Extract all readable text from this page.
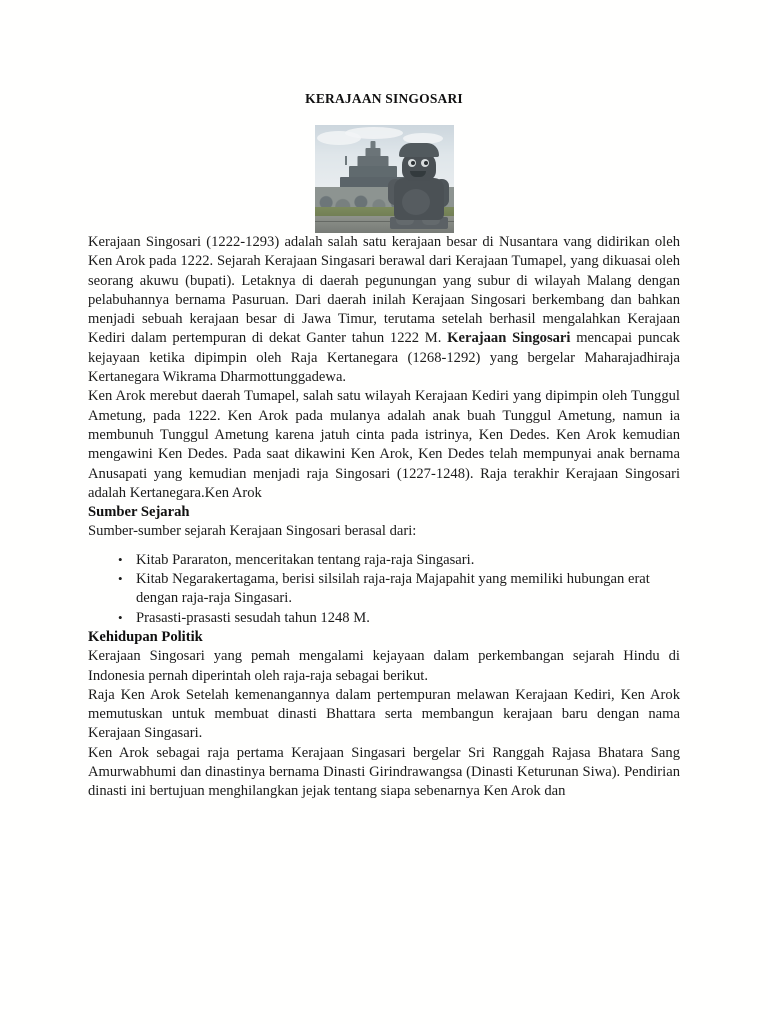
KERAJAAN SINGOSARI

Kerajaan Singosari (1222-1293) adalah salah satu kerajaan besar di Nusantara vang didirikan oleh Ken Arok pada 1222. Sejarah Kerajaan Singasari berawal dari Kerajaan Tumapel, yang dikuasai oleh seorang akuwu (bupati). Letaknya di daerah pegunungan yang subur di wilayah Malang dengan pelabuhannya bernama Pasuruan. Dari daerah inilah Kerajaan Singosari berkembang dan bahkan menjadi sebuah kerajaan besar di Jawa Timur, terutama setelah berhasil mengalahkan Kerajaan Kediri dalam pertempuran di dekat Ganter tahun 1222 M. Kerajaan Singosari mencapai puncak kejayaan ketika dipimpin oleh Raja Kertanegara (1268-1292) yang bergelar Maharajadhiraja Kertanegara Wikrama Dharmottunggadewa.

Ken Arok merebut daerah Tumapel, salah satu wilayah Kerajaan Kediri yang dipimpin oleh Tunggul Ametung, pada 1222. Ken Arok pada mulanya adalah anak buah Tunggul Ametung, namun ia membunuh Tunggul Ametung karena jatuh cinta pada istrinya, Ken Dedes. Ken Arok kemudian mengawini Ken Dedes. Pada saat dikawini Ken Arok, Ken Dedes telah mempunyai anak bernama Anusapati yang kemudian menjadi raja Singosari (1227-1248). Raja terakhir Kerajaan Singosari adalah Kertanegara.Ken Arok

Sumber Sejarah

Sumber-sumber sejarah Kerajaan Singosari berasal dari:

• Kitab Pararaton, menceritakan tentang raja-raja Singasari.
• Kitab Negarakertagama, berisi silsilah raja-raja Majapahit yang memiliki hubungan erat dengan raja-raja Singasari.
• Prasasti-prasasti sesudah tahun 1248 M.
Kehidupan Politik

Kerajaan Singosari yang pemah mengalami kejayaan dalam perkembangan sejarah Hindu di Indonesia pernah diperintah oleh raja-raja sebagai berikut.

Raja Ken Arok Setelah kemenangannya dalam pertempuran melawan Kerajaan Kediri, Ken Arok memutuskan untuk membuat dinasti Bhattara serta membangun kerajaan baru dengan nama Kerajaan Singasari.

Ken Arok sebagai raja pertama Kerajaan Singasari bergelar Sri Ranggah Rajasa Bhatara Sang Amurwabhumi dan dinastinya bernama Dinasti Girindrawangsa (Dinasti Keturunan Siwa). Pendirian dinasti ini bertujuan menghilangkan jejak tentang siapa sebenarnya Ken Arok dan
